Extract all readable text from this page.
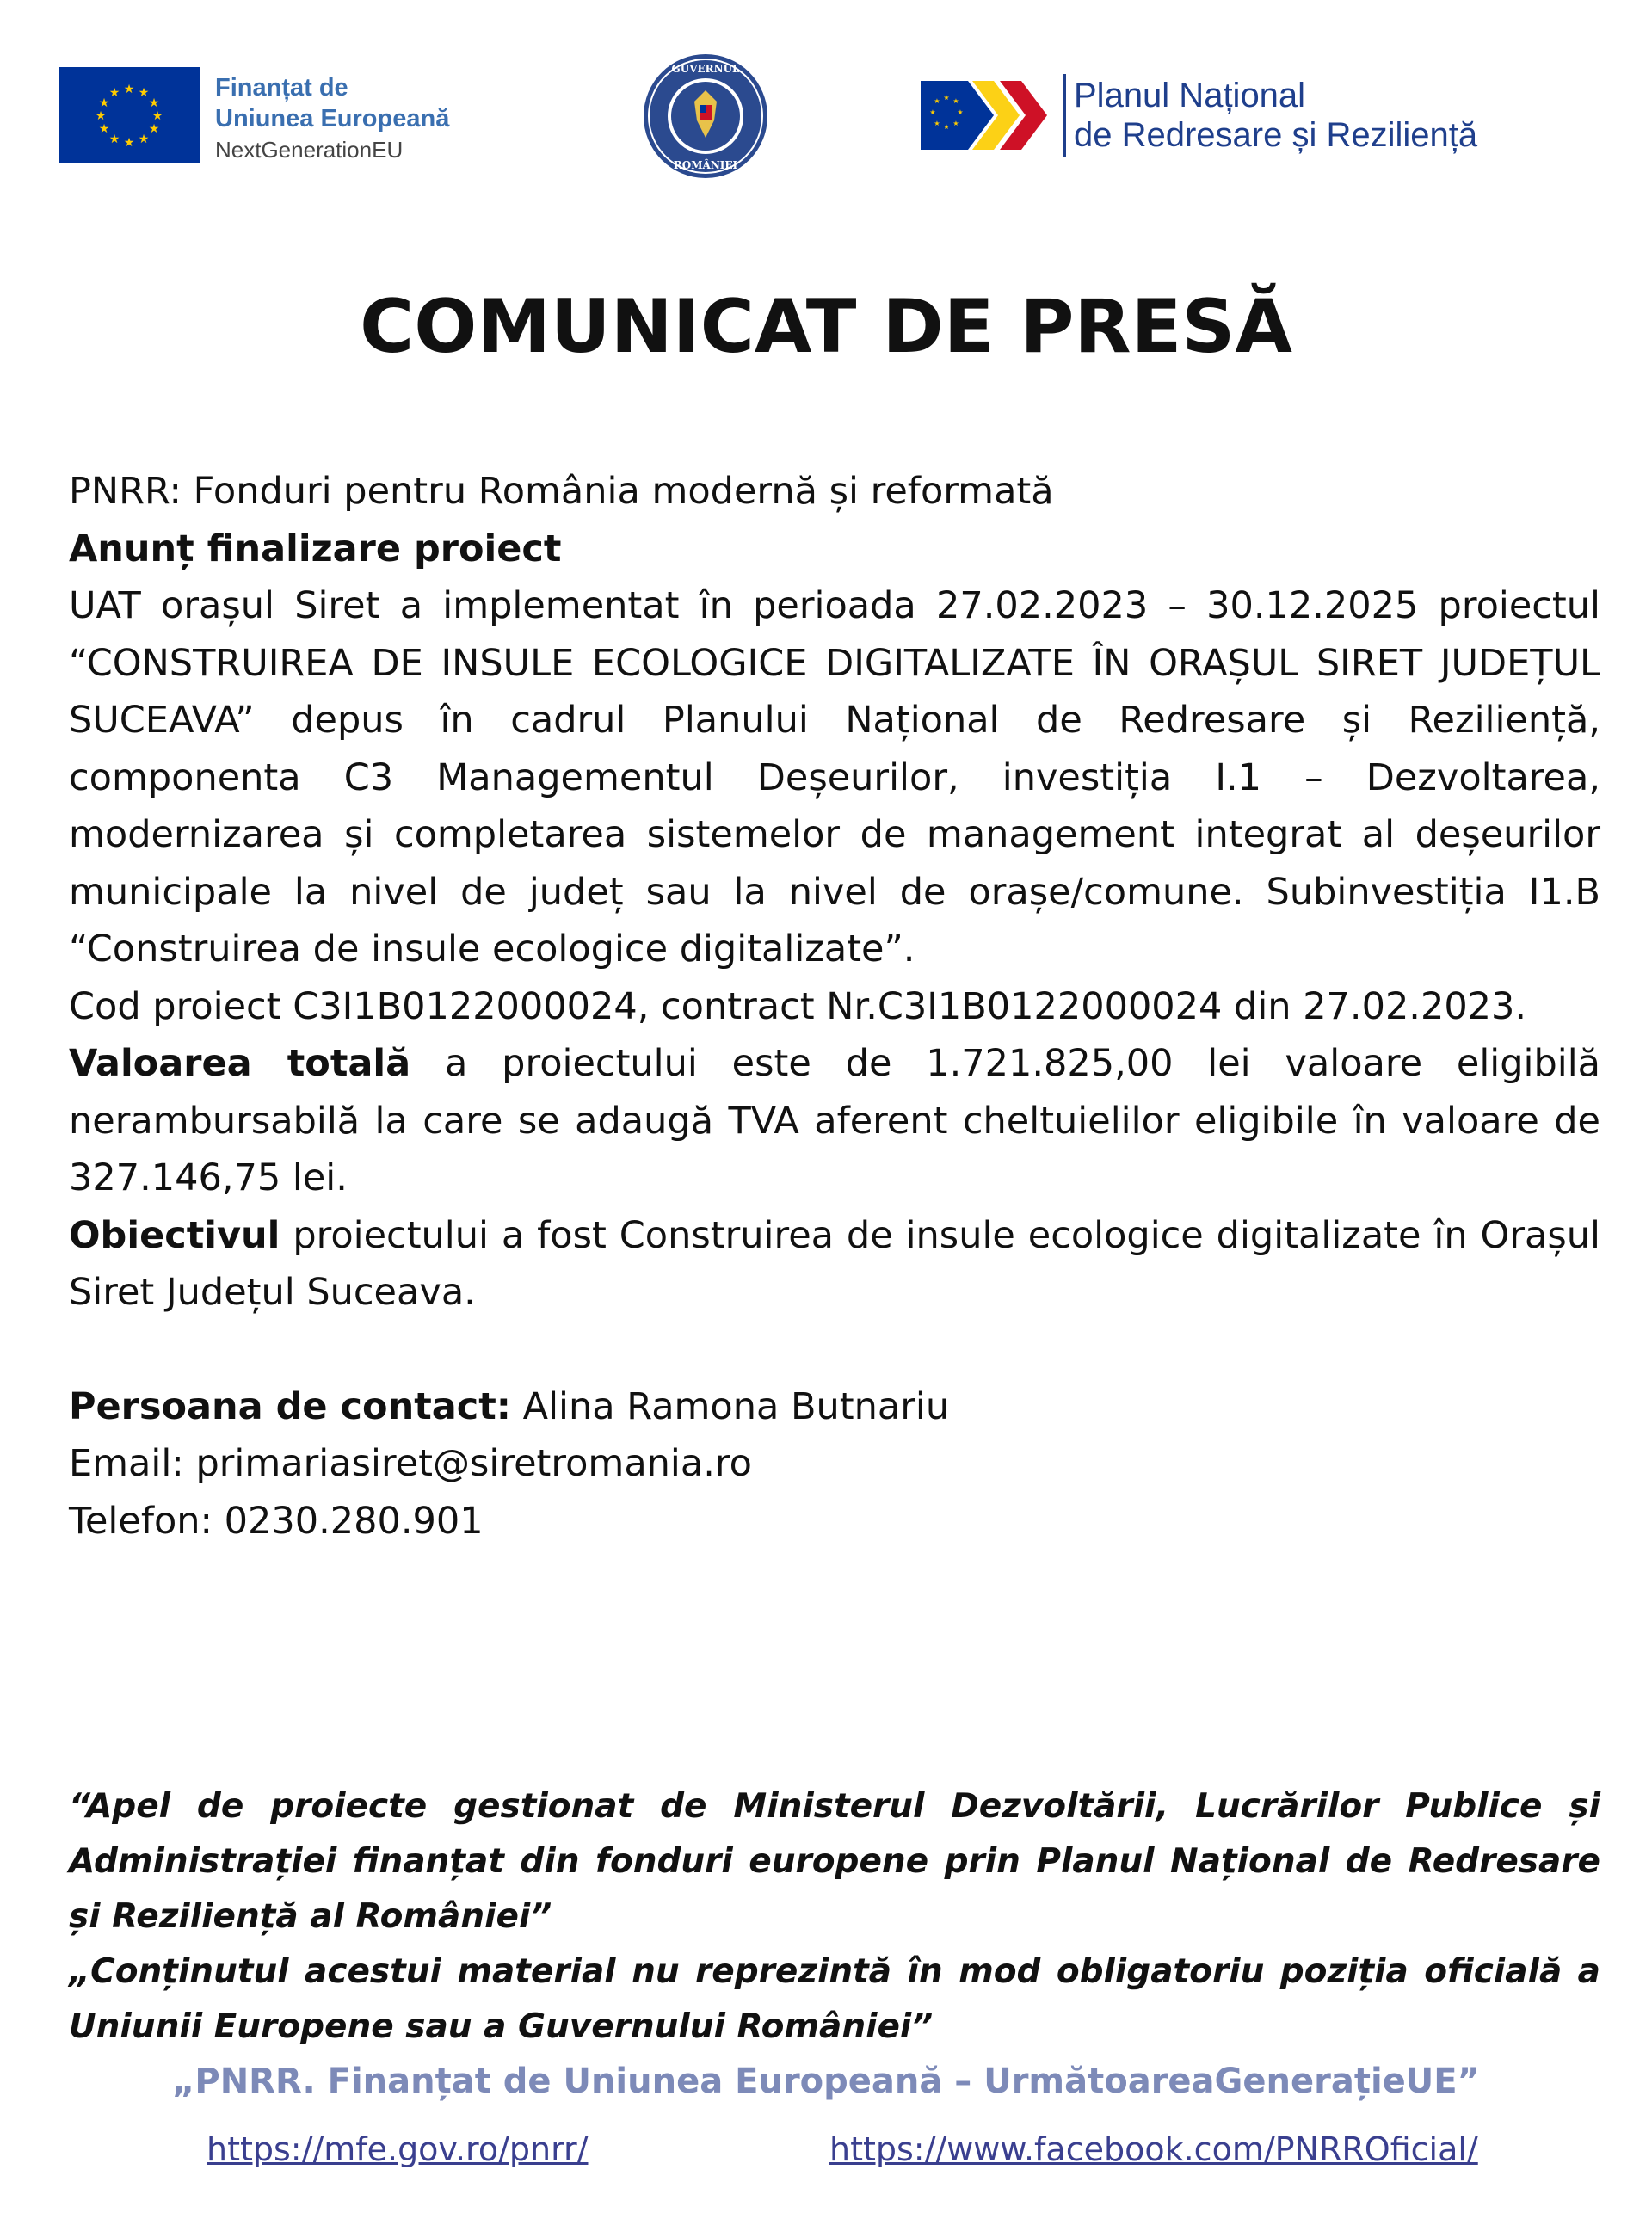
★ ★
★
★
★
★
★
★
★
★
★
★	Finanțat de
Uniunea Europeană
NextGenerationEU
GUVERNUL
ROMÂNIEI
★ ★
★
★
★
★
★
★	Planul Național
de Redresare și Reziliență
COMUNICAT DE PRESĂ

PNRR: Fonduri pentru România modernă și reformată

Anunț finalizare proiect

UAT orașul Siret a implementat în perioada 27.02.2023 – 30.12.2025 proiectul “CONSTRUIREA DE INSULE ECOLOGICE DIGITALIZATE ÎN ORAȘUL SIRET JUDEȚUL SUCEAVA” depus în cadrul Planului Național de Redresare și Reziliență, componenta C3 Managementul Deșeurilor, investiția I.1 – Dezvoltarea, modernizarea și completarea sistemelor de management integrat al deșeurilor municipale la nivel de județ sau la nivel de orașe/comune. Subinvestiția I1.B “Construirea de insule ecologice digitalizate”.

Cod proiect C3I1B0122000024, contract Nr.C3I1B0122000024 din 27.02.2023.

Valoarea totală a proiectului este de 1.721.825,00 lei valoare eligibilă nerambursabilă la care se adaugă TVA aferent cheltuielilor eligibile în valoare de 327.146,75 lei.

Obiectivul proiectului a fost Construirea de insule ecologice digitalizate în Orașul Siret Județul Suceava.

Persoana de contact: Alina Ramona Butnariu

Email: primariasiret@siretromania.ro

Telefon: 0230.280.901

“Apel de proiecte gestionat de Ministerul Dezvoltării, Lucrărilor Publice și Administrației finanțat din fonduri europene prin Planul Național de Redresare și Reziliență al României”

„Conținutul acestui material nu reprezintă în mod obligatoriu poziția oficială a Uniunii Europene sau a Guvernului României”

„PNRR. Finanțat de Uniunea Europeană – UrmătoareaGenerațieUE”
https://mfe.gov.ro/pnrr/	https://www.facebook.com/PNRROficial/
